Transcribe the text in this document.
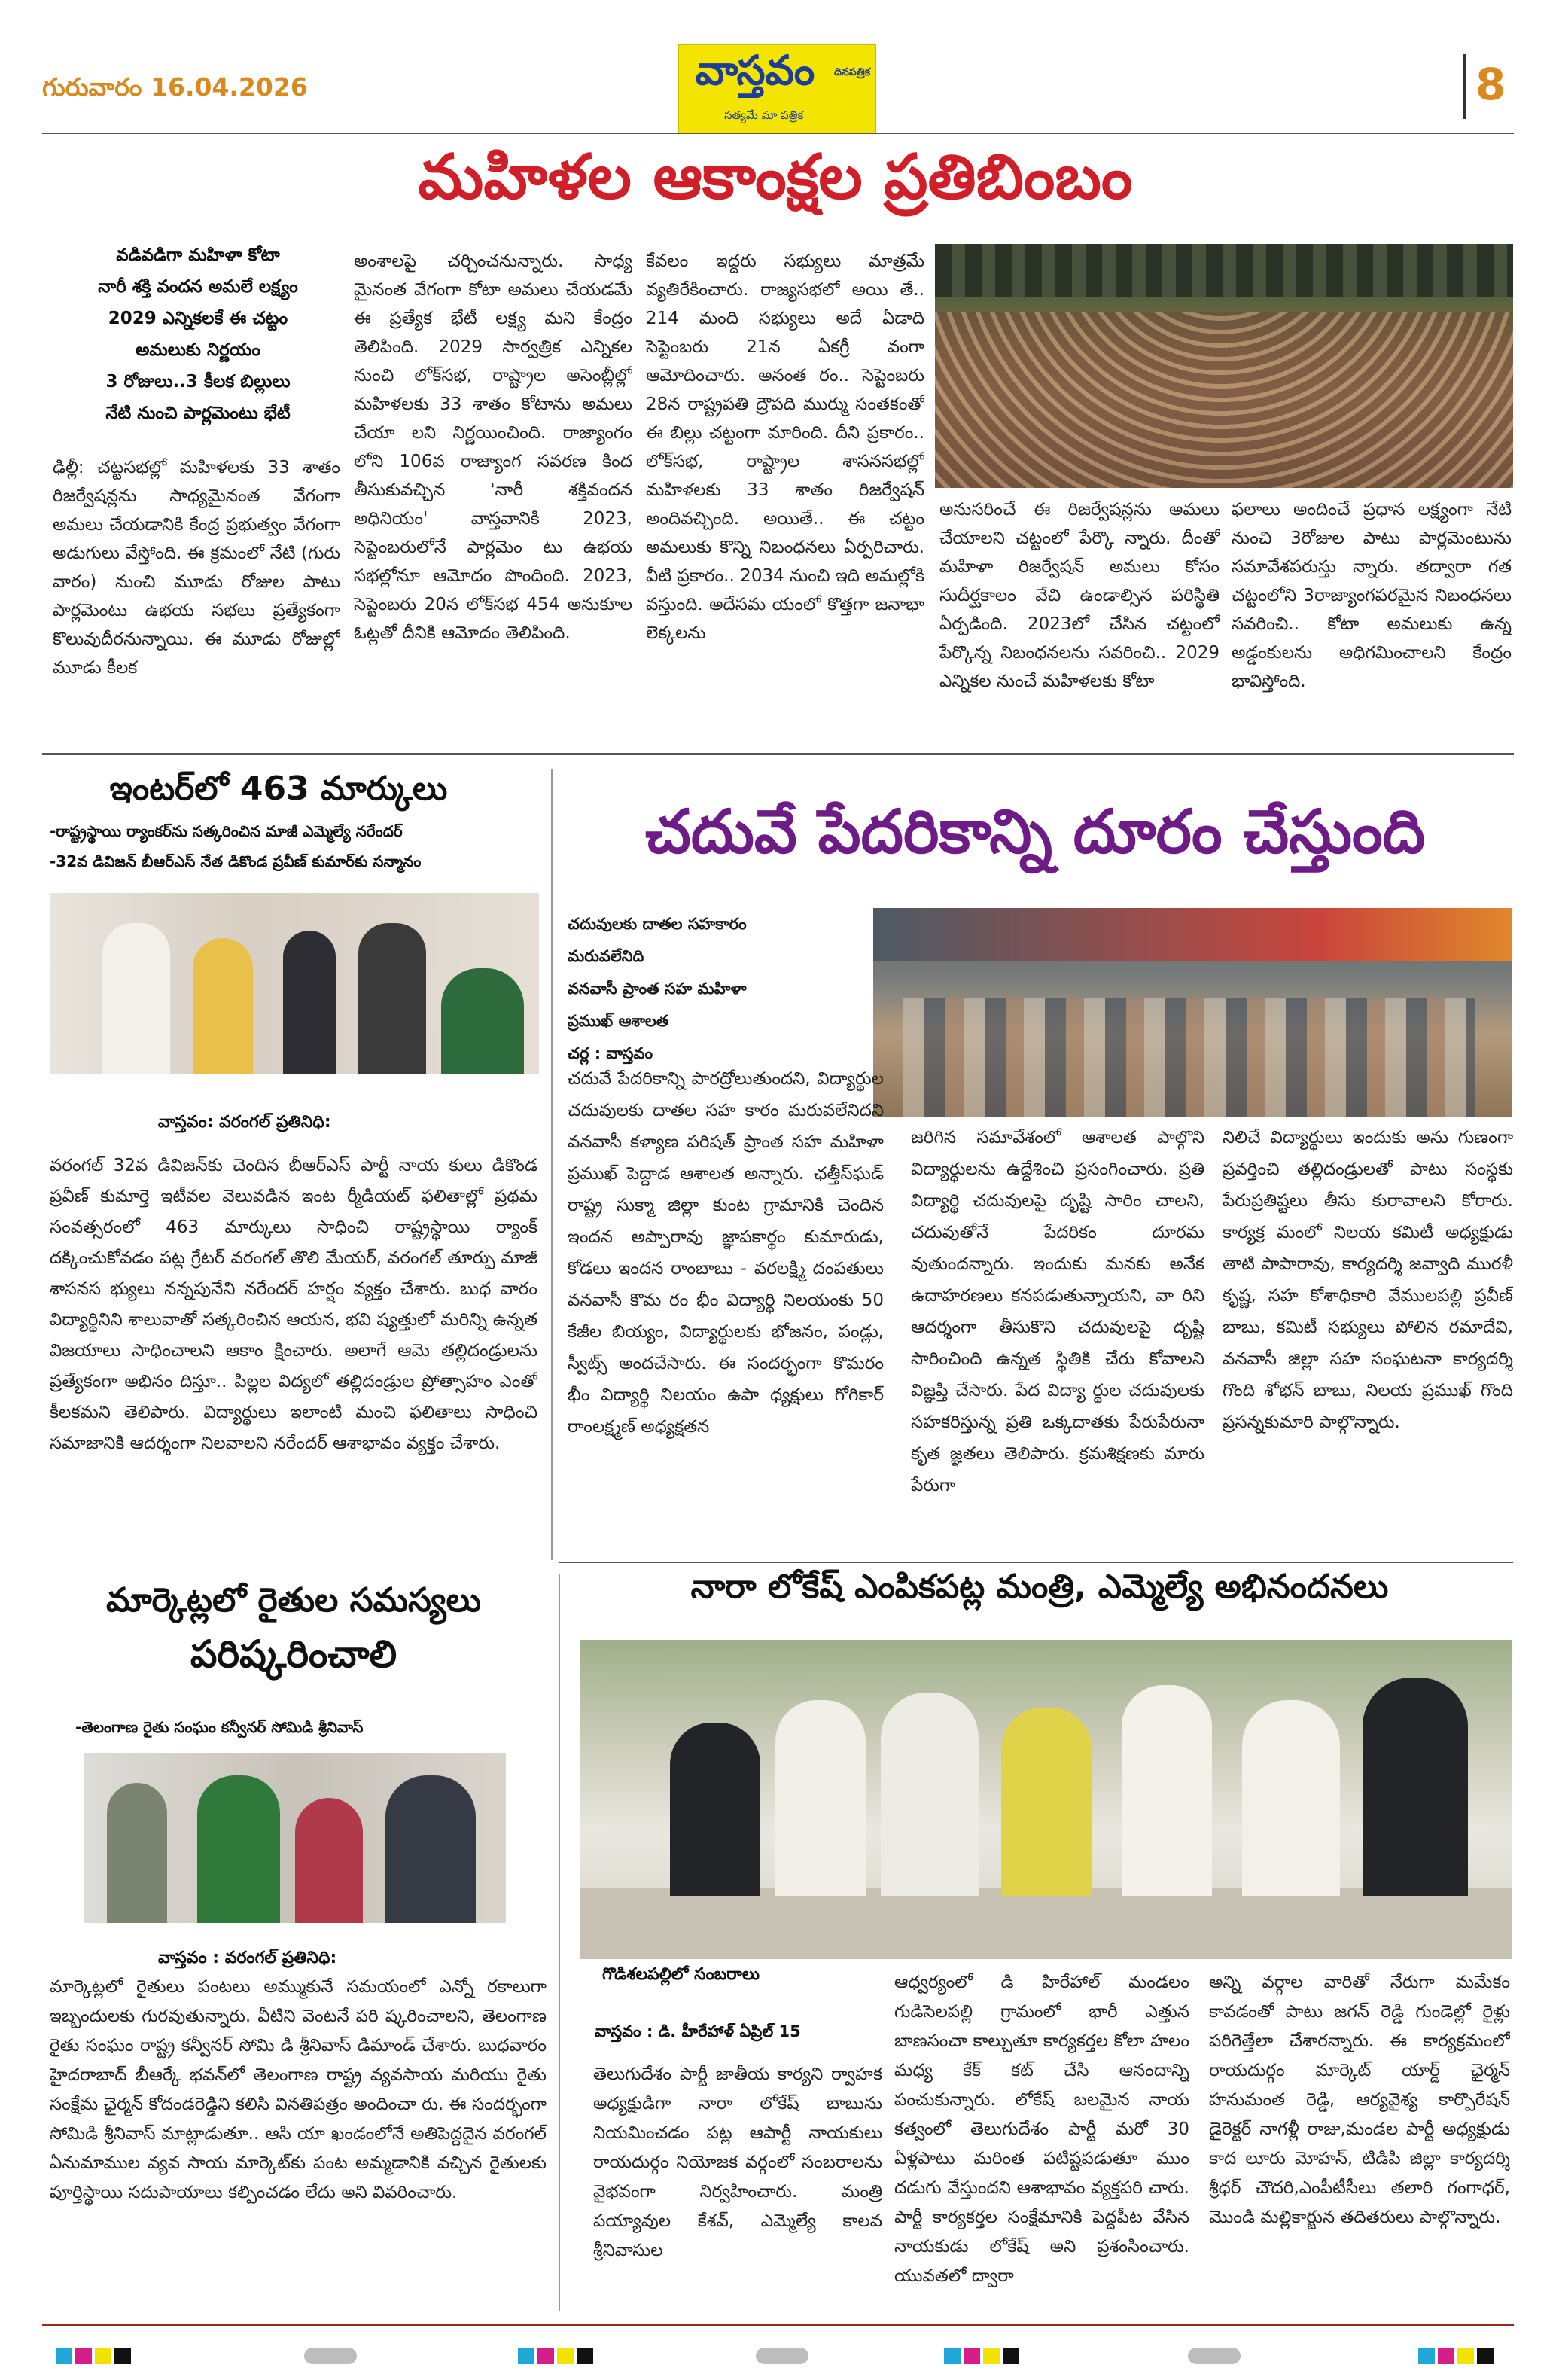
గురువారం 16.04.2026	వాస్తవం	దినపత్రిక
సత్యమే మా పత్రిక
8
మహిళల ఆకాంక్షల ప్రతిబింబం
వడివడిగా మహిళా కోటా
నారీ శక్తి వందన అమలే లక్ష్యం
2029 ఎన్నికలకే ఈ చట్టం
అమలుకు నిర్ణయం
3 రోజులు..3 కీలక బిల్లులు
నేటి నుంచి పార్లమెంటు భేటీ
ఢిల్లీ: చట్టసభల్లో మహిళలకు 33 శాతం రిజర్వేషన్లను సాధ్యమైనంత వేగంగా అమలు చేయడానికి కేంద్ర ప్రభుత్వం వేగంగా అడుగులు వేస్తోంది. ఈ క్రమంలో నేటి (గురు వారం) నుంచి మూడు రోజుల పాటు పార్లమెంటు ఉభయ సభలు ప్రత్యేకంగా కొలువుదీరనున్నాయి. ఈ మూడు రోజుల్లో మూడు కీలక
అంశాలపై చర్చించనున్నారు. సాధ్య మైనంత వేగంగా కోటా అమలు చేయడమే ఈ ప్రత్యేక భేటీ లక్ష్య మని కేంద్రం తెలిపింది. 2029 సార్వత్రిక ఎన్నికల నుంచి లోక్‌సభ, రాష్ట్రాల అసెంబ్లీల్లో మహిళలకు 33 శాతం కోటాను అమలు చేయా లని నిర్ణయించింది. రాజ్యాంగం లోని 106వ రాజ్యాంగ సవరణ కింద తీసుకువచ్చిన 'నారీ శక్తివందన అధినియం' వాస్తవానికి 2023, సెప్టెంబరులోనే పార్లమెం టు ఉభయ సభల్లోనూ ఆమోదం పొందింది. 2023, సెప్టెంబరు 20న లోక్‌సభ 454 అనుకూల ఓట్లతో దీనికి ఆమోదం తెలిపింది.
కేవలం ఇద్దరు సభ్యులు మాత్రమే వ్యతిరేకించారు. రాజ్యసభలో అయి తే.. 214 మంది సభ్యులు అదే ఏడాది సెప్టెంబరు 21న ఏకగ్రీ వంగా ఆమోదించారు. అనంత రం.. సెప్టెంబరు 28న రాష్ట్రపతి ద్రౌపది ముర్ము సంతకంతో ఈ బిల్లు చట్టంగా మారింది. దీని ప్రకారం.. లోక్‌సభ, రాష్ట్రాల శాసనసభల్లో మహిళలకు 33 శాతం రిజర్వేషన్ అందివచ్చింది. అయితే.. ఈ చట్టం అమలుకు కొన్ని నిబంధనలు ఏర్పరిచారు. వీటి ప్రకారం.. 2034 నుంచి ఇది అమల్లోకి వస్తుంది. అదేసమ యంలో కొత్తగా జనాభా లెక్కలను
అనుసరించే ఈ రిజర్వేషన్లను అమలు చేయాలని చట్టంలో పేర్కొ న్నారు. దీంతో మహిళా రిజర్వేషన్ అమలు కోసం సుదీర్ఘకాలం వేచి ఉండాల్సిన పరిస్థితి ఏర్పడింది. 2023లో చేసిన చట్టంలో పేర్కొన్న నిబంధనలను సవరించి.. 2029 ఎన్నికల నుంచే మహిళలకు కోటా
ఫలాలు అందించే ప్రధాన లక్ష్యంగా నేటి నుంచి 3రోజుల పాటు పార్లమెంటును సమావేశపరుస్తు న్నారు. తద్వారా గత చట్టంలోని 3రాజ్యాంగపరమైన నిబంధనలు సవరించి.. కోటా అమలుకు ఉన్న అడ్డంకులను అధిగమించాలని కేంద్రం భావిస్తోంది.
ఇంటర్‌లో 463 మార్కులు
-రాష్ట్రస్థాయి ర్యాంకర్‌ను సత్కరించిన మాజీ ఎమ్మెల్యే నరేందర్
-32వ డివిజన్ బీఆర్ఎస్ నేత డికొండ ప్రవీణ్ కుమార్‌కు సన్మానం
వాస్తవం: వరంగల్ ప్రతినిధి:
వరంగల్ 32వ డివిజన్‌కు చెందిన బీఆర్ఎస్ పార్టీ నాయ కులు డికొండ ప్రవీణ్ కుమార్తె ఇటీవల వెలువడిన ఇంట ర్మీడియట్ ఫలితాల్లో ప్రథమ సంవత్సరంలో 463 మార్కులు సాధించి రాష్ట్రస్థాయి ర్యాంక్ దక్కించుకోవడం పట్ల గ్రేటర్ వరంగల్ తొలి మేయర్, వరంగల్ తూర్పు మాజీ శాసనస భ్యులు నన్నపునేని నరేందర్ హర్షం వ్యక్తం చేశారు. బుధ వారం విద్యార్థినిని శాలువాతో సత్కరించిన ఆయన, భవి ష్యత్తులో మరిన్ని ఉన్నత విజయాలు సాధించాలని ఆకాం క్షించారు. అలాగే ఆమె తల్లిదండ్రులను ప్రత్యేకంగా అభినం దిస్తూ.. పిల్లల విద్యలో తల్లిదండ్రుల ప్రోత్సాహం ఎంతో కీలకమని తెలిపారు. విద్యార్థులు ఇలాంటి మంచి ఫలితాలు సాధించి సమాజానికి ఆదర్శంగా నిలవాలని నరేందర్ ఆశాభావం వ్యక్తం చేశారు.
చదువే పేదరికాన్ని దూరం చేస్తుంది
చదువులకు దాతల సహకారం
మరువలేనిది
వనవాసీ ప్రాంత సహ మహిళా
ప్రముఖ్ ఆశాలత
చర్ల : వాస్తవం
చదువే పేదరికాన్ని పారద్రోలుతుందని, విద్యార్థుల చదువులకు దాతల సహ కారం మరువలేనిదని వనవాసీ కళ్యాణ పరిషత్ ప్రాంత సహ మహిళా ప్రముఖ్ పెద్దాడ ఆశాలత అన్నారు. ఛత్తీస్‌ఘడ్ రాష్ట్ర సుక్మా జిల్లా కుంట గ్రామానికి చెందిన ఇందన అప్పారావు జ్ఞాపకార్థం కుమారుడు, కోడలు ఇందన రాంబాబు - వరలక్ష్మి దంపతులు వనవాసీ కొమ రం భీం విద్యార్థి నిలయంకు 50 కేజీల బియ్యం, విద్యార్థులకు భోజనం, పండ్లు, స్వీట్స్ అందచేసారు. ఈ సందర్భంగా కొమరం భీం విద్యార్థి నిలయం ఉపా ధ్యక్షులు గోగికార్ రాంలక్ష్మణ్ అధ్యక్షతన
జరిగిన సమావేశంలో ఆశాలత పాల్గొని విద్యార్థులను ఉద్దేశించి ప్రసంగించారు. ప్రతి విద్యార్థి చదువులపై దృష్టి సారిం చాలని, చదువుతోనే పేదరికం దూరమ వుతుందన్నారు. ఇందుకు మనకు అనేక ఉదాహరణలు కనపడుతున్నాయని, వా రిని ఆదర్శంగా తీసుకొని చదువులపై దృష్టి సారించింది ఉన్నత స్థితికి చేరు కోవాలని విజ్ఞప్తి చేసారు. పేద విద్యా ర్థుల చదువులకు సహకరిస్తున్న ప్రతి ఒక్కదాతకు పేరుపేరునా కృత జ్ఞతలు తెలిపారు. క్రమశిక్షణకు మారు పేరుగా
నిలిచే విద్యార్థులు ఇందుకు అను గుణంగా ప్రవర్తించి తల్లిదండ్రులతో పాటు సంస్థకు పేరుప్రతిష్టలు తీసు కురావాలని కోరారు. కార్యక్ర మంలో నిలయ కమిటీ అధ్యక్షుడు తాటి పాపారావు, కార్యదర్శి జవ్వాది మురళీ కృష్ణ, సహ కోశాధికారి వేములపల్లి ప్రవీణ్ బాబు, కమిటీ సభ్యులు పోలిన రమాదేవి, వనవాసీ జిల్లా సహ సంఘటనా కార్యదర్శి గొంది శోభన్ బాబు, నిలయ ప్రముఖ్ గొంది ప్రసన్నకుమారి పాల్గొన్నారు.
మార్కెట్లలో రైతుల సమస్యలు
పరిష్కరించాలి
-తెలంగాణ రైతు సంఘం కన్వీనర్ సోమిడి శ్రీనివాస్
వాస్తవం : వరంగల్ ప్రతినిధి:
మార్కెట్లలో రైతులు పంటలు అమ్ముకునే సమయంలో ఎన్నో రకాలుగా ఇబ్బందులకు గురవుతున్నారు. వీటిని వెంటనే పరి ష్కరించాలని, తెలంగాణ రైతు సంఘం రాష్ట్ర కన్వీనర్ సోమి డి శ్రీనివాస్ డిమాండ్ చేశారు. బుధవారం హైదరాబాద్ బీఆర్కే భవన్‌లో తెలంగాణ రాష్ట్ర వ్యవసాయ మరియు రైతు సంక్షేమ ఛైర్మన్ కోదండరెడ్డిని కలిసి వినతిపత్రం అందించా రు. ఈ సందర్భంగా సోమిడి శ్రీనివాస్ మాట్లాడుతూ.. ఆసి యా ఖండంలోనే అతిపెద్దదైన వరంగల్ ఏనుమాముల వ్యవ సాయ మార్కెట్‌కు పంట అమ్మడానికి వచ్చిన రైతులకు పూర్తిస్థాయి సదుపాయాలు కల్పించడం లేదు అని వివరించారు.
నారా లోకేష్ ఎంపికపట్ల మంత్రి, ఎమ్మెల్యే అభినందనలు
గొడిశలపల్లిలో సంబరాలు
వాస్తవం : డి. హీరేహాళ్ ఏప్రిల్ 15
తెలుగుదేశం పార్టీ జాతీయ కార్యని ర్వాహక అధ్యక్షుడిగా నారా లోకేష్ బాబును నియమించడం పట్ల ఆపార్టీ నాయకులు రాయదుర్గం నియోజక వర్గంలో సంబరాలను వైభవంగా నిర్వహించారు. మంత్రి పయ్యావుల కేశవ్, ఎమ్మెల్యే కాలవ శ్రీనివాసుల
ఆధ్వర్యంలో డి హిరేహాల్ మండలం గుడిసెలపల్లి గ్రామంలో భారీ ఎత్తున బాణసంచా కాల్చుతూ కార్యకర్తల కోలా హలం మధ్య కేక్ కట్ చేసి ఆనందాన్ని పంచుకున్నారు. లోకేష్ బలమైన నాయ కత్వంలో తెలుగుదేశం పార్టీ మరో 30 ఏళ్లపాటు మరింత పటిష్టపడుతూ ముం దడుగు వేస్తుందని ఆశాభావం వ్యక్తపరి చారు. పార్టీ కార్యకర్తల సంక్షేమానికి పెద్దపీట వేసిన నాయకుడు లోకేష్ అని ప్రశంసించారు. యువతలో ద్వారా
అన్ని వర్గాల వారితో నేరుగా మమేకం కావడంతో పాటు జగన్ రెడ్డి గుండెల్లో రైళ్లు పరిగెత్తేలా చేశారన్నారు. ఈ కార్యక్రమంలో రాయదుర్గం మార్కెట్ యార్డ్ ఛైర్మన్ హనుమంత రెడ్డి, ఆర్యవైశ్య కార్పొరేషన్ డైరెక్టర్ నాగళ్లీ రాజు,మండల పార్టీ అధ్యక్షుడు కాద లూరు మోహన్, టిడిపి జిల్లా కార్యదర్శి శ్రీధర్ చౌదరి,ఎంపీటీసీలు తలారి గంగాధర్, మొండి మల్లికార్జున తదితరులు పాల్గొన్నారు.
